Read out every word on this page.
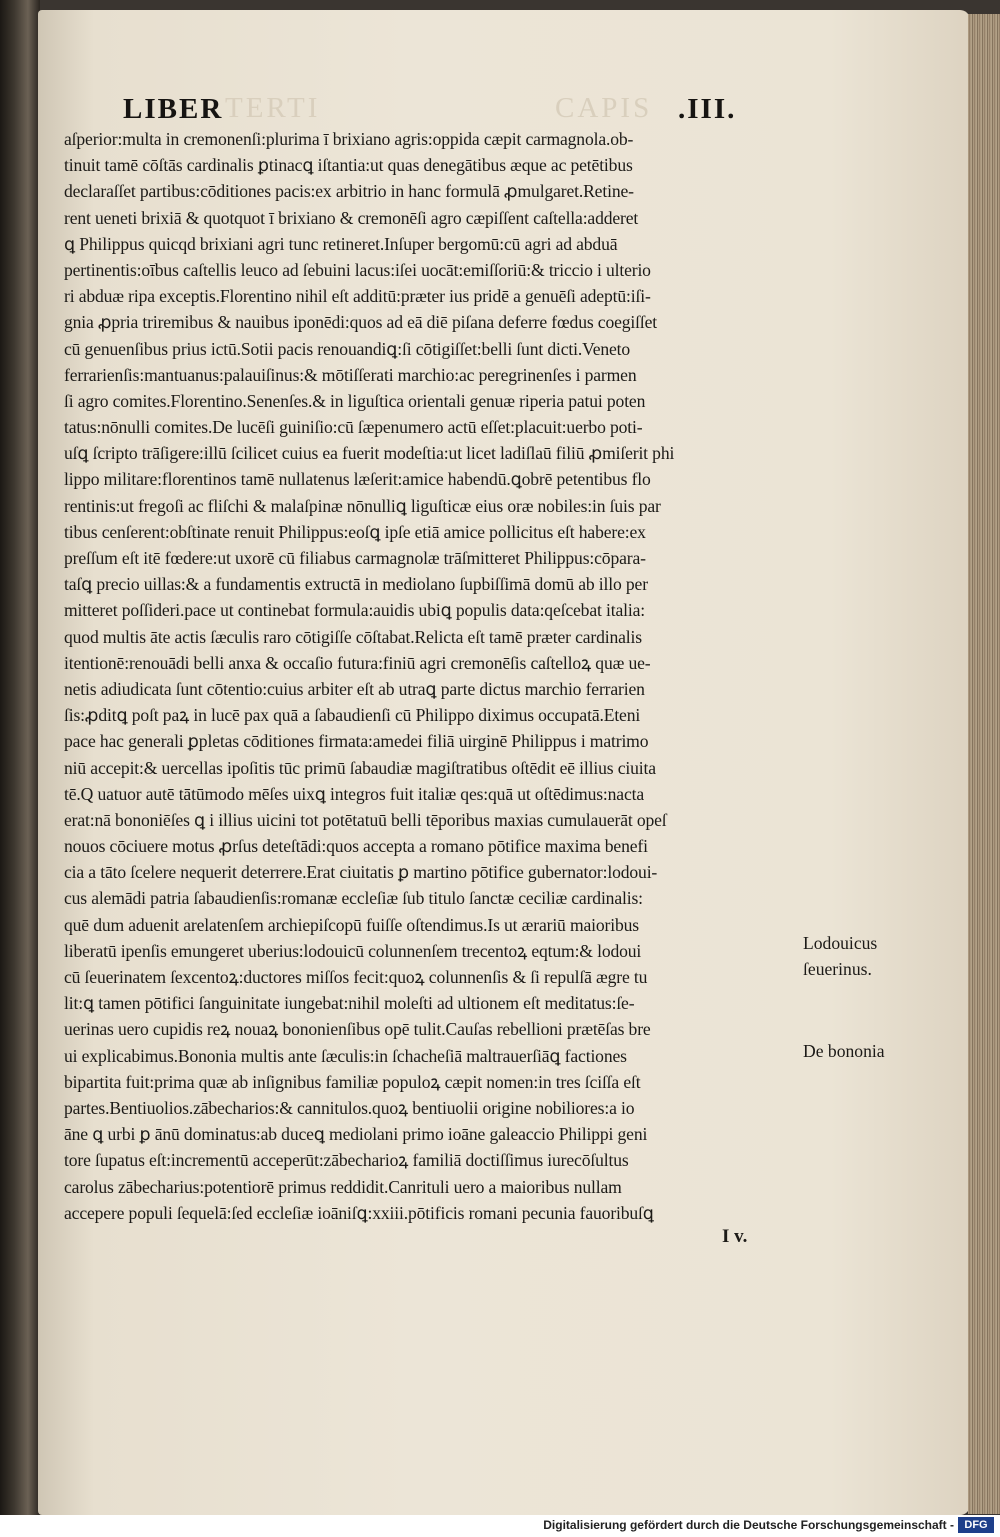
TERTI	CAPIS
LIBER	.III.
aſperior:multa in cremonenſi:plurima ī brixiano agris:oppida cæpit carmagnola.ob-
tinuit tamē cōſtās cardinalis ꝑtinacꝗ iſtantia:ut quas denegātibus æque ac petētibus
declaraſſet partibus:cōditiones pacis:ex arbitrio in hanc formulā ꝓmulgaret.Retine-
rent ueneti brixiā & quotquot ī brixiano & cremonēſi agro cæpiſſent caſtella:adderet
ꝗ Philippus quicqd brixiani agri tunc retineret.Inſuper bergomū:cū agri ad abduā
pertinentis:oībus caſtellis leuco ad ſebuini lacus:iſei uocāt:emiſſoriū:& triccio i ulterio
ri abduæ ripa exceptis.Florentino nihil eſt additū:præter ius pridē a genuēſi adeptū:iſi-
gnia ꝓpria triremibus & nauibus iponēdi:quos ad eā diē piſana deferre fœdus coegiſſet
cū genuenſibus prius ictū.Sotii pacis renouandiꝗ:ſi cōtigiſſet:belli ſunt dicti.Veneto
ferrarienſis:mantuanus:palauiſinus:& mōtiſſerati marchio:ac peregrinenſes i parmen
ſi agro comites.Florentino.Senenſes.& in liguſtica orientali genuæ riperia patui poten
tatus:nōnulli comites.De lucēſi guiniſio:cū ſæpenumero actū eſſet:placuit:uerbo poti-
uſꝗ ſcripto trāſigere:illū ſcilicet cuius ea fuerit modeſtia:ut licet ladiſlaū filiū ꝓmiſerit phi
lippo militare:florentinos tamē nullatenus læſerit:amice habendū.ꝗobrē petentibus flo
rentinis:ut fregoſi ac fliſchi & malaſpinæ nōnulliꝗ liguſticæ eius oræ nobiles:in ſuis par
tibus cenſerent:obſtinate renuit Philippus:eoſꝗ ipſe etiā amice pollicitus eſt habere:ex
preſſum eſt itē fœdere:ut uxorē cū filiabus carmagnolæ trāſmitteret Philippus:cōpara-
taſꝗ precio uillas:& a fundamentis extructā in mediolano ſupbiſſimā domū ab illo per
mitteret poſſideri.pace ut continebat formula:auidis ubiꝗ populis data:qeſcebat italia:
quod multis āte actis ſæculis raro cōtigiſſe cōſtabat.Relicta eſt tamē præter cardinalis
itentionē:renouādi belli anxa & occaſio futura:finiū agri cremonēſis caſtelloꝝ quæ ue-
netis adiudicata ſunt cōtentio:cuius arbiter eſt ab utraꝗ parte dictus marchio ferrarien
ſis:ꝓditꝗ poſt paꝝ in lucē pax quā a ſabaudienſi cū Philippo diximus occupatā.Eteni
pace hac generali ꝑpletas cōditiones firmata:amedei filiā uirginē Philippus i matrimo
niū accepit:& uercellas ipoſitis tūc primū ſabaudiæ magiſtratibus oſtēdit eē illius ciuita
tē.Q uatuor autē tātūmodo mēſes uixꝗ integros fuit italiæ qes:quā ut oſtēdimus:nacta
erat:nā bononiēſes ꝗ i illius uicini tot potētatuū belli tēporibus maxias cumulauerāt opeſ
nouos cōciuere motus ꝓrſus deteſtādi:quos accepta a romano pōtifice maxima benefi
cia a tāto ſcelere nequerit deterrere.Erat ciuitatis ꝑ martino pōtifice gubernator:lodoui-
cus alemādi patria ſabaudienſis:romanæ eccleſiæ ſub titulo ſanctæ ceciliæ cardinalis:
quē dum aduenit arelatenſem archiepiſcopū fuiſſe oſtendimus.Is ut ærariū maioribus
liberatū ipenſis emungeret uberius:lodouicū colunnenſem trecentoꝝ eqtum:& lodoui
cū ſeuerinatem ſexcentoꝝ:ductores miſſos fecit:quoꝝ colunnenſis & ſi repulſā ægre tu
lit:ꝗ tamen pōtifici ſanguinitate iungebat:nihil moleſti ad ultionem eſt meditatus:ſe-
uerinas uero cupidis reꝝ nouaꝝ bononienſibus opē tulit.Cauſas rebellioni prætēſas bre
ui explicabimus.Bononia multis ante ſæculis:in ſchacheſiā maltrauerſiāꝗ factiones
bipartita fuit:prima quæ ab inſignibus familiæ populoꝝ cæpit nomen:in tres ſciſſa eſt
partes.Bentiuolios.zābecharios:& cannitulos.quoꝝ bentiuolii origine nobiliores:a io
āne ꝗ urbi ꝑ ānū dominatus:ab duceꝗ mediolani primo ioāne galeaccio Philippi geni
tore ſupatus eſt:incrementū acceperūt:zābecharioꝝ familiā doctiſſimus iurecōſultus
carolus zābecharius:potentiorē primus reddidit.Canrituli uero a maioribus nullam
accepere populi ſequelā:ſed eccleſiæ ioāniſꝗ:xxiii.pōtificis romani pecunia fauoribuſꝗ
I v.
Lodouicus
ſeuerinus.
De bononia
Digitalisierung gefördert durch die Deutsche Forschungsgemeinschaft - DFG
